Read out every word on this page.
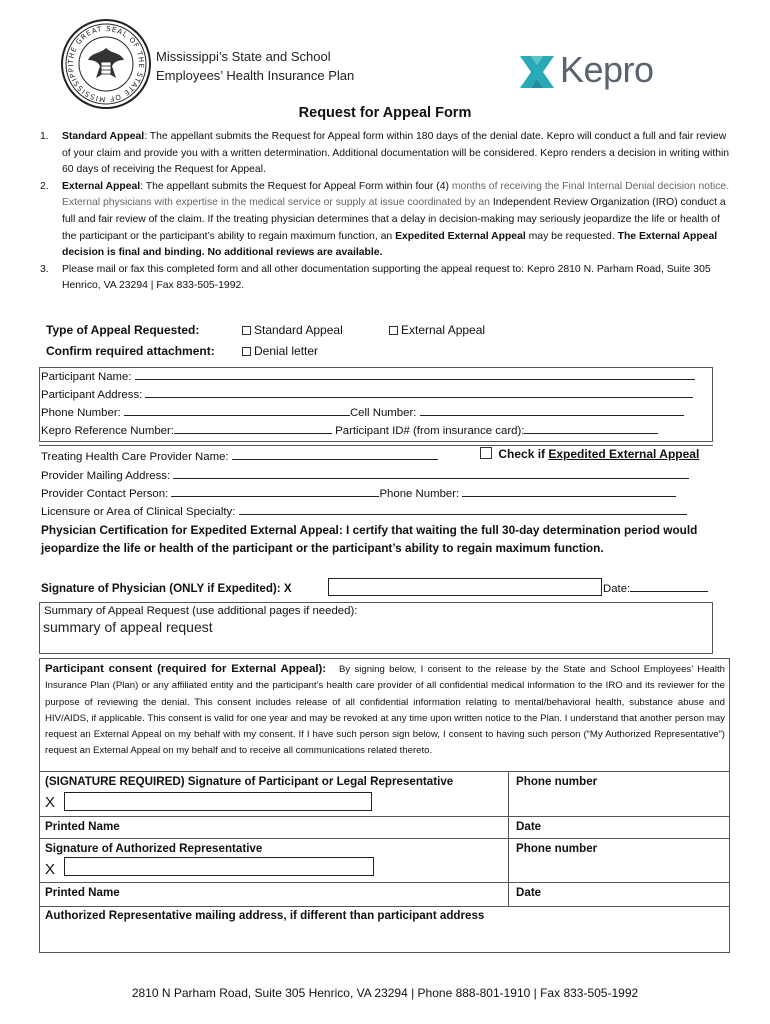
THE GREAT SEAL OF THE STATE OF MISSISSIPPI
Mississippi’s State and School
Employees’ Health Insurance Plan	Kepro
Request for Appeal Form
1. Standard Appeal: The appellant submits the Request for Appeal form within 180 days of the denial date. Kepro will conduct a full and fair review of your claim and provide you with a written determination. Additional documentation will be considered. Kepro renders a decision in writing within 60 days of receiving the Request for Appeal.
2. External Appeal: The appellant submits the Request for Appeal Form within four (4) months of receiving the Final Internal Denial decision notice. External physicians with expertise in the medical service or supply at issue coordinated by an Independent Review Organization (IRO) conduct a full and fair review of the claim. If the treating physician determines that a delay in decision-making may seriously jeopardize the life or health of the participant or the participant’s ability to regain maximum function, an Expedited External Appeal may be requested. The External Appeal decision is final and binding. No additional reviews are available.
3. Please mail or fax this completed form and all other documentation supporting the appeal request to: Kepro 2810 N. Parham Road, Suite 305 Henrico, VA 23294 | Fax 833-505-1992.
Type of Appeal Requested:	Standard Appeal	External Appeal
Confirm required attachment:	Denial letter
Participant Name:
Participant Address:
Phone Number:	Cell Number:
Kepro Reference Number:	Participant ID# (from insurance card):
Treating Health Care Provider Name:	Check if Expedited External Appeal
Provider Mailing Address:
Provider Contact Person:	Phone Number:
Licensure or Area of Clinical Specialty:
Physician Certification for Expedited External Appeal: I certify that waiting the full 30-day determination period would jeopardize the life or health of the participant or the participant’s ability to regain maximum function.
Signature of Physician (ONLY if Expedited): X	Date:
Summary of Appeal Request (use additional pages if needed):
summary of appeal request
Participant consent (required for External Appeal): By signing below, I consent to the release by the State and School Employees’ Health Insurance Plan (Plan) or any affiliated entity and the participant’s health care provider of all confidential medical information to the IRO and its reviewer for the purpose of reviewing the denial. This consent includes release of all confidential information relating to mental/behavioral health, substance abuse and HIV/AIDS, if applicable. This consent is valid for one year and may be revoked at any time upon written notice to the Plan. I understand that another person may request an External Appeal on my behalf with my consent. If I have such person sign below, I consent to having such person (“My Authorized Representative”) request an External Appeal on my behalf and to receive all communications related thereto.
(SIGNATURE REQUIRED) Signature of Participant or Legal Representative	Phone number
X
Printed Name	Date
Signature of Authorized Representative	Phone number
X
Printed Name	Date
Authorized Representative mailing address, if different than participant address
2810 N Parham Road, Suite 305 Henrico, VA 23294 | Phone 888-801-1910 | Fax 833-505-1992
